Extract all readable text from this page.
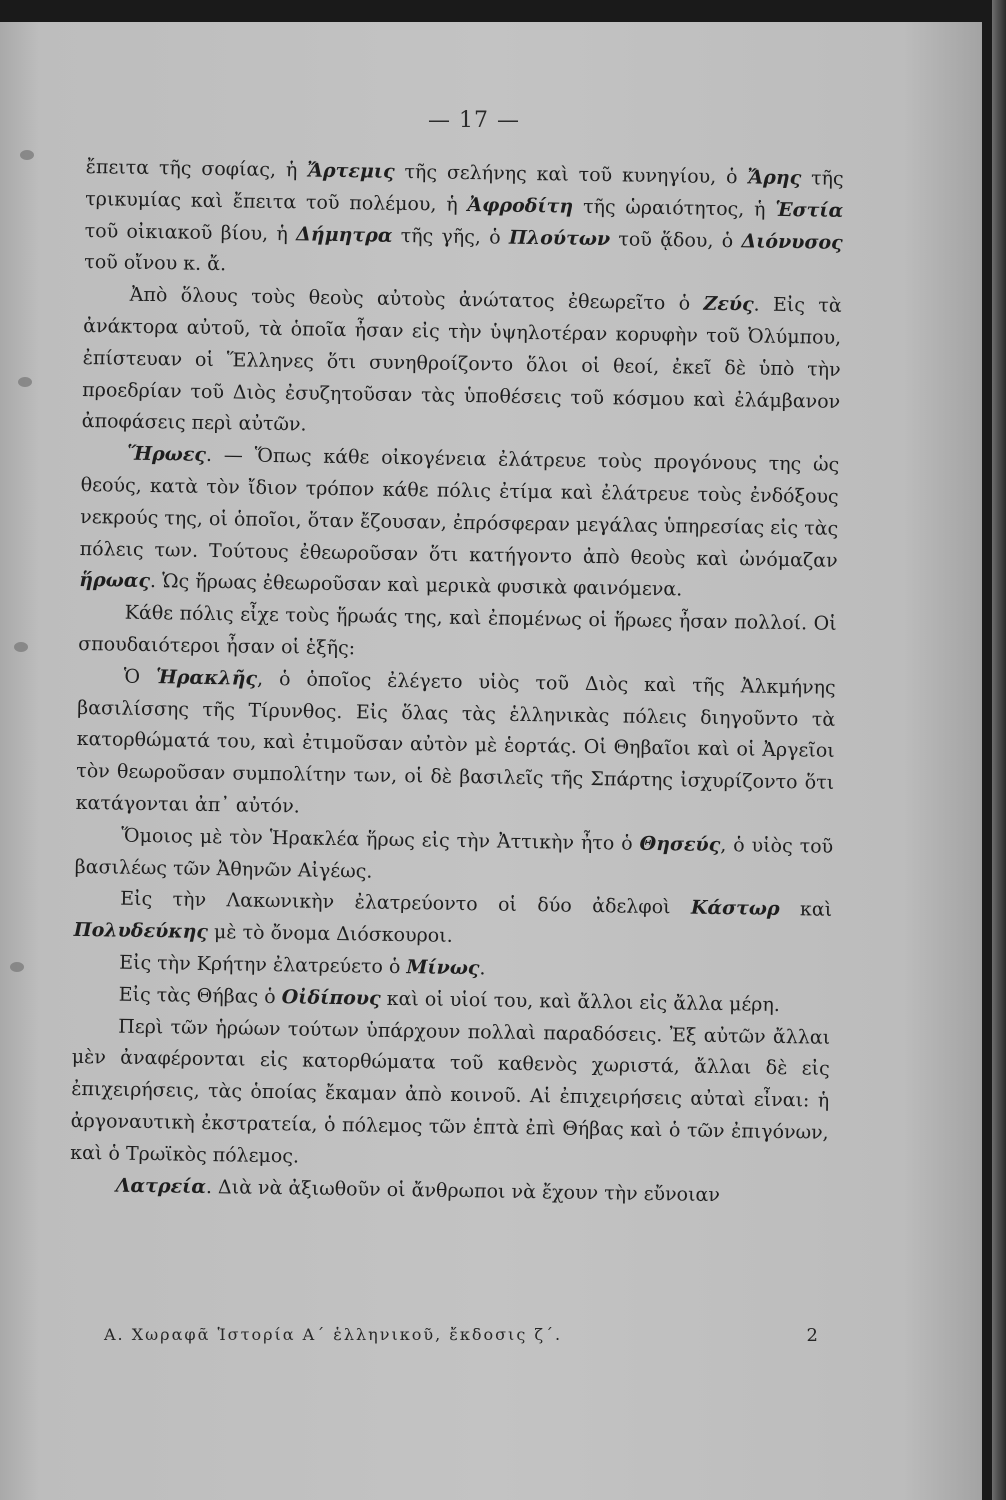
— 17 —

ἔπειτα τῆς σοφίας, ἡ Ἄρτεμις τῆς σελήνης καὶ τοῦ κυνηγίου, ὁ Ἄρης τῆς τρικυμίας καὶ ἔπειτα τοῦ πολέμου, ἡ Ἀφροδίτη τῆς ὡραιότητος, ἡ Ἑστία τοῦ οἰκιακοῦ βίου, ἡ Δήμητρα τῆς γῆς, ὁ Πλούτων τοῦ ᾅδου, ὁ Διόνυσος τοῦ οἴνου κ. ἄ.

Ἀπὸ ὅλους τοὺς θεοὺς αὐτοὺς ἀνώτατος ἐθεωρεῖτο ὁ Ζεύς. Εἰς τὰ ἀνάκτορα αὐτοῦ, τὰ ὁποῖα ἦσαν εἰς τὴν ὑψηλοτέραν κορυφὴν τοῦ Ὀλύμπου, ἐπίστευαν οἱ Ἕλληνες ὅτι συνηθροίζοντο ὅλοι οἱ θεοί, ἐκεῖ δὲ ὑπὸ τὴν προεδρίαν τοῦ Διὸς ἐσυζητοῦσαν τὰς ὑποθέσεις τοῦ κόσμου καὶ ἐλάμβανον ἀποφάσεις περὶ αὐτῶν.

Ἥρωες. — Ὅπως κάθε οἰκογένεια ἐλάτρευε τοὺς προγόνους της ὡς θεούς, κατὰ τὸν ἴδιον τρόπον κάθε πόλις ἐτίμα καὶ ἐλάτρευε τοὺς ἐνδόξους νεκρούς της, οἱ ὁποῖοι, ὅταν ἔζουσαν, ἐπρόσφεραν μεγάλας ὑπηρεσίας εἰς τὰς πόλεις των. Τούτους ἐθεωροῦσαν ὅτι κατήγοντο ἀπὸ θεοὺς καὶ ὠνόμαζαν ἥρωας. Ὡς ἥρωας ἐθεωροῦσαν καὶ μερικὰ φυσικὰ φαινόμενα.

Κάθε πόλις εἶχε τοὺς ἥρωάς της, καὶ ἐπομένως οἱ ἥρωες ἦσαν πολλοί. Οἱ σπουδαιότεροι ἦσαν οἱ ἑξῆς:

Ὁ Ἡρακλῆς, ὁ ὁποῖος ἐλέγετο υἱὸς τοῦ Διὸς καὶ τῆς Ἀλκμήνης βασιλίσσης τῆς Τίρυνθος. Εἰς ὅλας τὰς ἑλληνικὰς πόλεις διηγοῦντο τὰ κατορθώματά του, καὶ ἐτιμοῦσαν αὐτὸν μὲ ἑορτάς. Οἱ Θηβαῖοι καὶ οἱ Ἀργεῖοι τὸν θεωροῦσαν συμπολίτην των, οἱ δὲ βασιλεῖς τῆς Σπάρτης ἰσχυρίζοντο ὅτι κατάγονται ἀπ᾿ αὐτόν.

Ὅμοιος μὲ τὸν Ἡρακλέα ἥρως εἰς τὴν Ἀττικὴν ἦτο ὁ Θησεύς, ὁ υἱὸς τοῦ βασιλέως τῶν Ἀθηνῶν Αἰγέως.

Εἰς τὴν Λακωνικὴν ἐλατρεύοντο οἱ δύο ἀδελφοὶ Κάστωρ καὶ Πολυδεύκης μὲ τὸ ὄνομα Διόσκουροι.

Εἰς τὴν Κρήτην ἐλατρεύετο ὁ Μίνως.

Εἰς τὰς Θήβας ὁ Οἰδίπους καὶ οἱ υἱοί του, καὶ ἄλλοι εἰς ἄλλα μέρη.

Περὶ τῶν ἡρώων τούτων ὑπάρχουν πολλαὶ παραδόσεις. Ἐξ αὐτῶν ἄλλαι μὲν ἀναφέρονται εἰς κατορθώματα τοῦ καθενὸς χωριστά, ἄλλαι δὲ εἰς ἐπιχειρήσεις, τὰς ὁποίας ἔκαμαν ἀπὸ κοινοῦ. Αἱ ἐπιχειρήσεις αὐταὶ εἶναι: ἡ ἀργοναυτικὴ ἐκστρατεία, ὁ πόλεμος τῶν ἑπτὰ ἐπὶ Θήβας καὶ ὁ τῶν ἐπιγόνων, καὶ ὁ Τρωϊκὸς πόλεμος.

Λατρεία. Διὰ νὰ ἀξιωθοῦν οἱ ἄνθρωποι νὰ ἔχουν τὴν εὔνοιαν

Α. Χωραφᾶ Ἱστορία Α΄ ἑλληνικοῦ, ἔκδοσις ζ΄.	2
